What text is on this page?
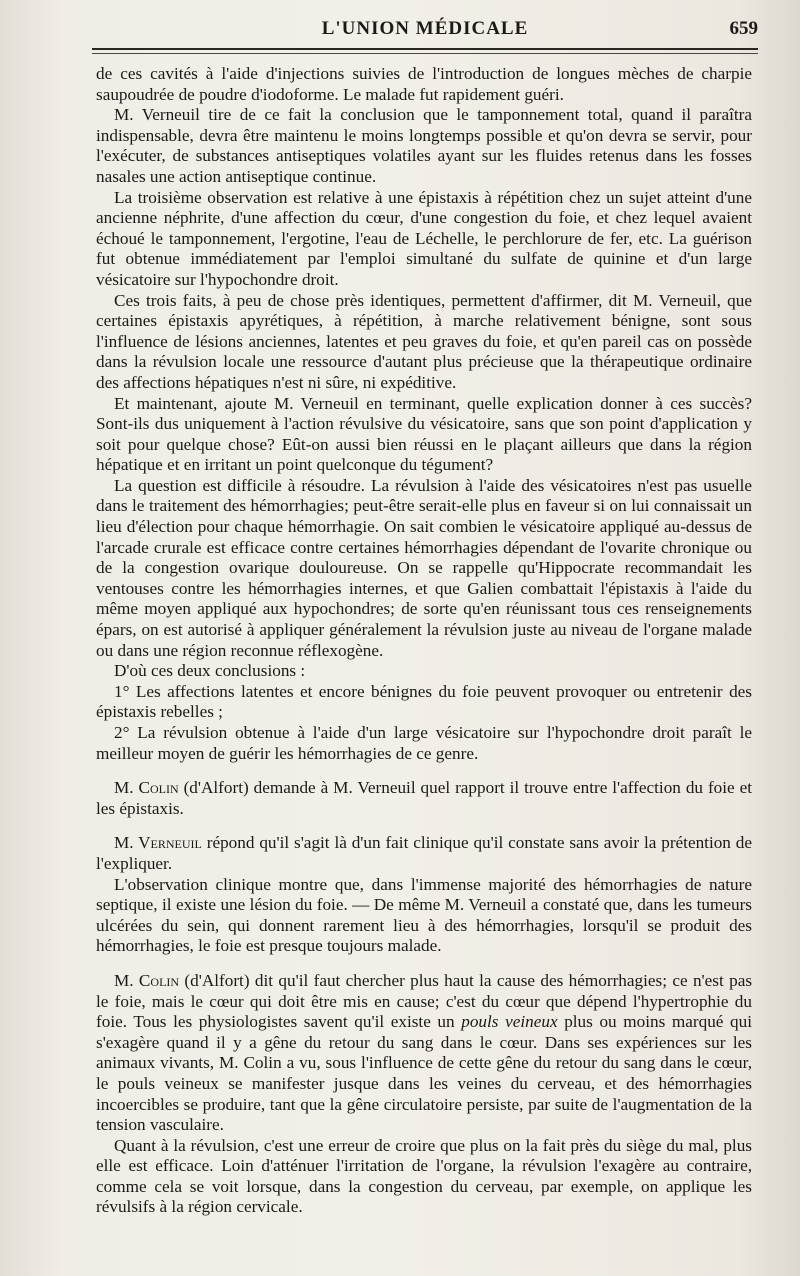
L'UNION MÉDICALE	659

de ces cavités à l'aide d'injections suivies de l'introduction de longues mèches de charpie saupoudrée de poudre d'iodoforme. Le malade fut rapidement guéri.

M. Verneuil tire de ce fait la conclusion que le tamponnement total, quand il paraîtra indispensable, devra être maintenu le moins longtemps possible et qu'on devra se servir, pour l'exécuter, de substances antiseptiques volatiles ayant sur les fluides retenus dans les fosses nasales une action antiseptique continue.

La troisième observation est relative à une épistaxis à répétition chez un sujet atteint d'une ancienne néphrite, d'une affection du cœur, d'une congestion du foie, et chez lequel avaient échoué le tamponnement, l'ergotine, l'eau de Léchelle, le perchlorure de fer, etc. La guérison fut obtenue immédiatement par l'emploi simultané du sulfate de quinine et d'un large vésicatoire sur l'hypochondre droit.

Ces trois faits, à peu de chose près identiques, permettent d'affirmer, dit M. Verneuil, que certaines épistaxis apyrétiques, à répétition, à marche relativement bénigne, sont sous l'influence de lésions anciennes, latentes et peu graves du foie, et qu'en pareil cas on possède dans la révulsion locale une ressource d'autant plus précieuse que la thérapeutique ordinaire des affections hépatiques n'est ni sûre, ni expéditive.

Et maintenant, ajoute M. Verneuil en terminant, quelle explication donner à ces succès? Sont-ils dus uniquement à l'action révulsive du vésicatoire, sans que son point d'application y soit pour quelque chose? Eût-on aussi bien réussi en le plaçant ailleurs que dans la région hépatique et en irritant un point quelconque du tégument?

La question est difficile à résoudre. La révulsion à l'aide des vésicatoires n'est pas usuelle dans le traitement des hémorrhagies; peut-être serait-elle plus en faveur si on lui connaissait un lieu d'élection pour chaque hémorrhagie. On sait combien le vésicatoire appliqué au-dessus de l'arcade crurale est efficace contre certaines hémorrhagies dépendant de l'ovarite chronique ou de la congestion ovarique douloureuse. On se rappelle qu'Hippocrate recommandait les ventouses contre les hémorrhagies internes, et que Galien combattait l'épistaxis à l'aide du même moyen appliqué aux hypochondres; de sorte qu'en réunissant tous ces renseignements épars, on est autorisé à appliquer généralement la révulsion juste au niveau de l'organe malade ou dans une région reconnue réflexogène.

D'où ces deux conclusions :

1° Les affections latentes et encore bénignes du foie peuvent provoquer ou entretenir des épistaxis rebelles ;

2° La révulsion obtenue à l'aide d'un large vésicatoire sur l'hypochondre droit paraît le meilleur moyen de guérir les hémorrhagies de ce genre.

M. Colin (d'Alfort) demande à M. Verneuil quel rapport il trouve entre l'affection du foie et les épistaxis.

M. Verneuil répond qu'il s'agit là d'un fait clinique qu'il constate sans avoir la prétention de l'expliquer.

L'observation clinique montre que, dans l'immense majorité des hémorrhagies de nature septique, il existe une lésion du foie. — De même M. Verneuil a constaté que, dans les tumeurs ulcérées du sein, qui donnent rarement lieu à des hémorrhagies, lorsqu'il se produit des hémorrhagies, le foie est presque toujours malade.

M. Colin (d'Alfort) dit qu'il faut chercher plus haut la cause des hémorrhagies; ce n'est pas le foie, mais le cœur qui doit être mis en cause; c'est du cœur que dépend l'hypertrophie du foie. Tous les physiologistes savent qu'il existe un pouls veineux plus ou moins marqué qui s'exagère quand il y a gêne du retour du sang dans le cœur. Dans ses expériences sur les animaux vivants, M. Colin a vu, sous l'influence de cette gêne du retour du sang dans le cœur, le pouls veineux se manifester jusque dans les veines du cerveau, et des hémorrhagies incoercibles se produire, tant que la gêne circulatoire persiste, par suite de l'augmentation de la tension vasculaire.

Quant à la révulsion, c'est une erreur de croire que plus on la fait près du siège du mal, plus elle est efficace. Loin d'atténuer l'irritation de l'organe, la révulsion l'exagère au contraire, comme cela se voit lorsque, dans la congestion du cerveau, par exemple, on applique les révulsifs à la région cervicale.
